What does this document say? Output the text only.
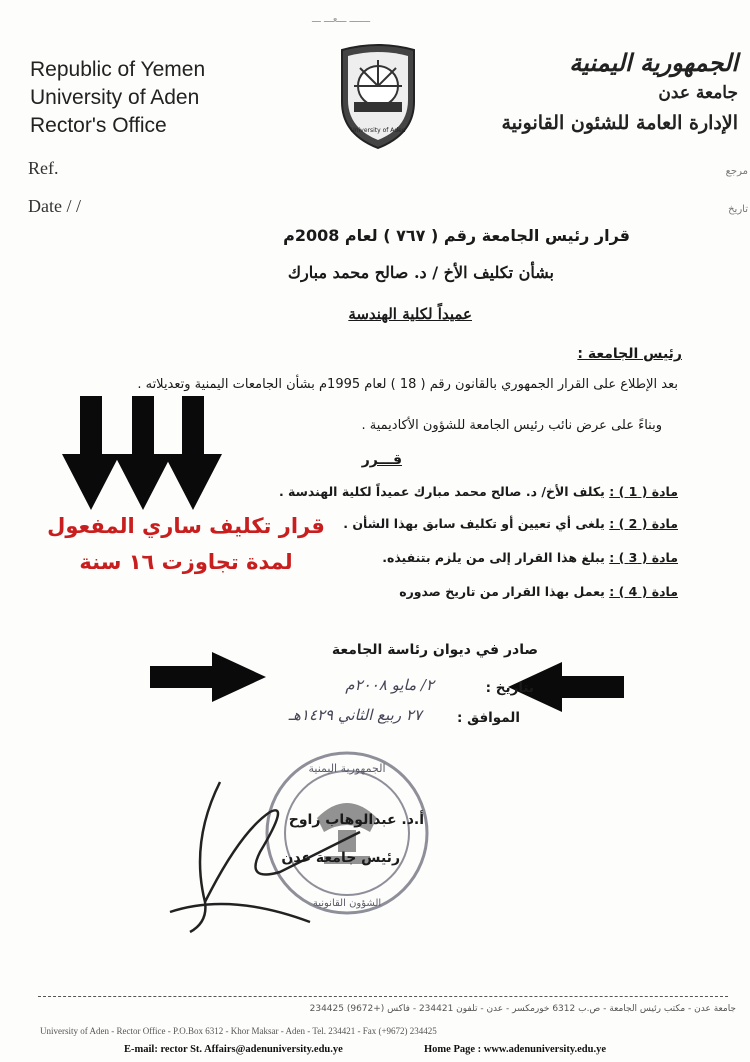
ـــــــ ـــعـــ ـــ
Republic of Yemen
University of Aden
Rector's Office	University of Aden
الجمهورية اليمنية
جامعة عدن
الإدارة العامة للشئون القانونية
Ref.
Date / /
مرجع
تاريخ
قرار رئيس الجامعة رقم ( ٧٦٧ ) لعام 2008م
بشأن تكليف الأخ / د. صالح محمد مبارك
عميداً لكلية الهندسة
رئيس الجامعة :
بعد الإطلاع على القرار الجمهوري بالقانون رقم ( 18 ) لعام 1995م بشأن الجامعات اليمنية وتعديلاته .
وبناءً على عرض نائب رئيس الجامعة للشؤون الأكاديمية .
قـــرر
مادة ( 1 ) : يكلف الأخ/ د. صالح محمد مبارك عميداً لكلية الهندسة .
مادة ( 2 ) : يلغى أي تعيين أو تكليف سابق بهذا الشأن .
مادة ( 3 ) : يبلغ هذا القرار إلى من يلزم بتنفيذه.
مادة ( 4 ) : يعمل بهذا القرار من تاريخ صدوره
قرار تكليف ساري المفعول
لمدة تجاوزت ١٦ سنة
صادر في ديوان رئاسة الجامعة
بتاريخ :
٢/ مايو ٢٠٠٨م
الموافق :
٢٧ ربيع الثاني ١٤٢٩هـ
الجمهورية اليمنية
الشؤون القانونية
أ.د. عبدالوهاب راوح
رئيس جامعة عدن
جامعة عدن - مكتب رئيس الجامعة - ص.ب 6312 خورمكسر - عدن - تلفون 234421 - فاكس (+9672) 234425
University of Aden - Rector Office - P.O.Box 6312 - Khor Maksar - Aden - Tel. 234421 - Fax (+9672) 234425
E-mail: rector St. Affairs@adenuniversity.edu.ye	Home Page : www.adenuniversity.edu.ye
